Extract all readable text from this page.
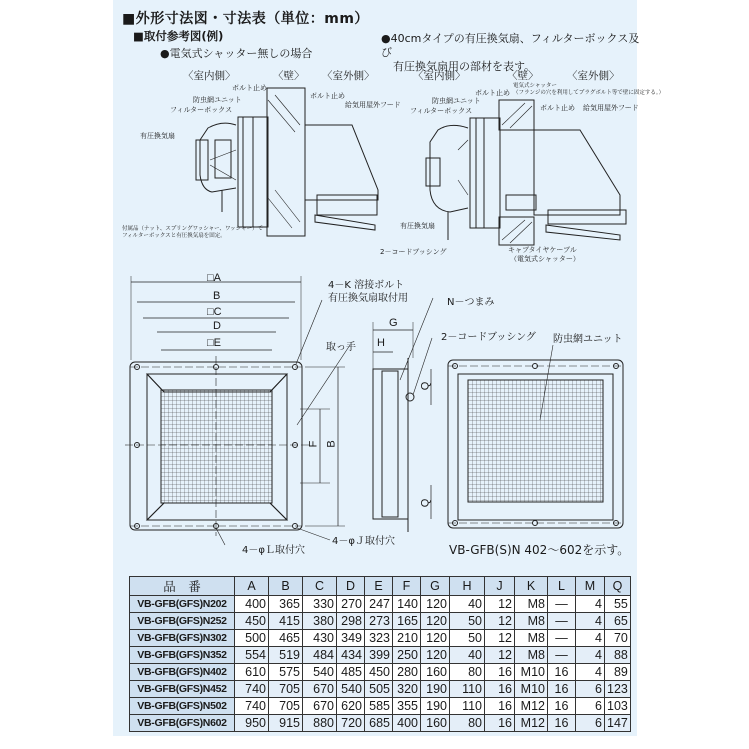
■外形寸法図・寸法表（単位：mm）
■取付参考図(例)
●電気式シャッター無しの場合
●40cmタイプの有圧換気扇、フィルターボックス及び
有圧換気扇用の部材を表す。
〈室内側〉	〈壁〉 〈室外側〉
ボルト止め
ボルト止め
防虫網ユニット
給気用屋外フード
フィルターボックス
有圧換気扇
付属品（ナット、スプリングワッシャー、ワッシャー）で
フィルターボックスと有圧換気扇を固定。
〈室内側〉	〈壁〉	〈室外側〉
電気式シャッター
（フランジの穴を利用してプラグボルト等で壁に固定する。）
ボルト止め
ボルト止め
防虫網ユニット
給気用屋外フード
フィルターボックス
有圧換気扇
2－コードブッシング	キャブタイヤケーブル
（電気式シャッター）
□A
B
□C
D
□E
F B
G
H
Q
Q
4－K 溶接ボルト
有圧換気扇取付用
取っ手
N－つまみ
2－コードブッシング 防虫網ユニット
4－φＬ取付穴
4－φＪ取付穴
VB-GFB(S)N 402～602を示す。
品　番	A	B	C	D	E	F	G	H	J	K	L	M	Q
VB-GFB(GFS)N202	400	365	330	270	247	140	120	40	12	M8	—	4	55
VB-GFB(GFS)N252	450	415	380	298	273	165	120	50	12	M8	—	4	65
VB-GFB(GFS)N302	500	465	430	349	323	210	120	50	12	M8	—	4	70
VB-GFB(GFS)N352	554	519	484	434	399	250	120	40	12	M8	—	4	88
VB-GFB(GFS)N402	610	575	540	485	450	280	160	80	16	M10	16	4	89
VB-GFB(GFS)N452	740	705	670	540	505	320	190	110	16	M10	16	6	123
VB-GFB(GFS)N502	740	705	670	620	585	355	190	110	16	M12	16	6	103
VB-GFB(GFS)N602	950	915	880	720	685	400	160	80	16	M12	16	6	147
